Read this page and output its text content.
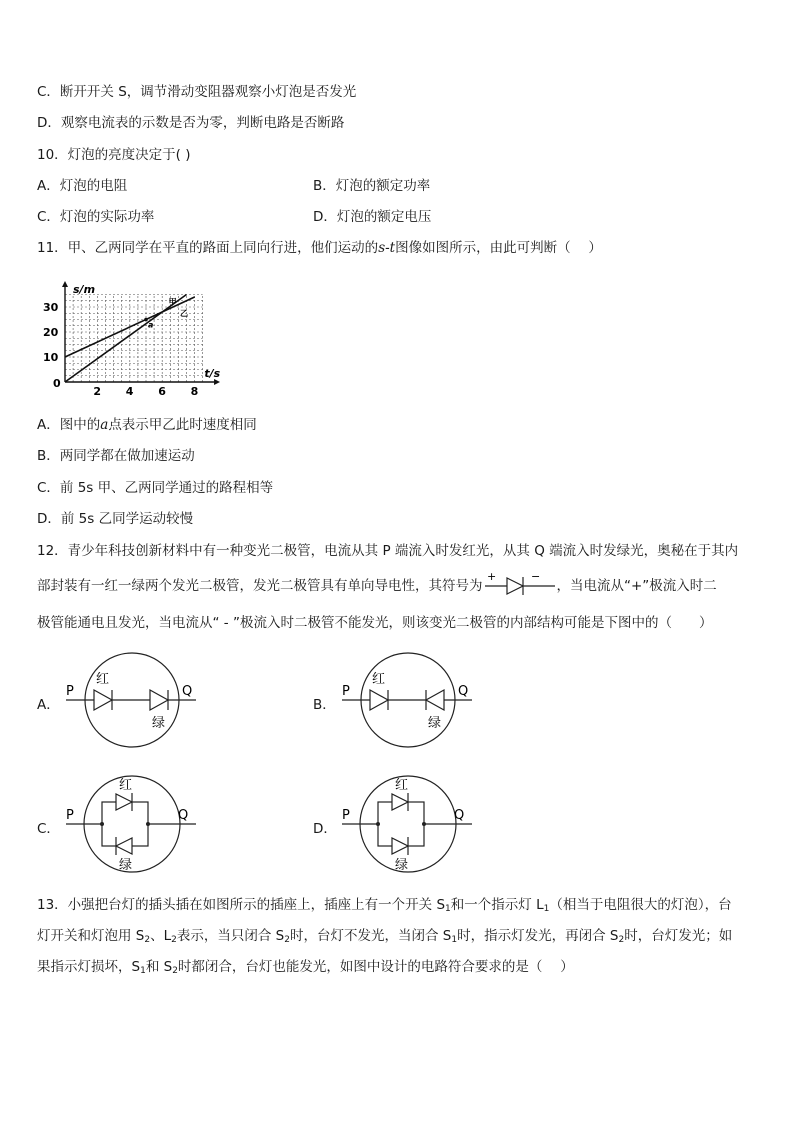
C．断开开关 S，调节滑动变阻器观察小灯泡是否发光
D．观察电流表的示数是否为零，判断电路是否断路
10．灯泡的亮度决定于( )
A．灯泡的电阻	B．灯泡的额定功率
C．灯泡的实际功率	D．灯泡的额定电压
11．甲、乙两同学在平直的路面上同向行进，他们运动的s-t图像如图所示，由此可判断（　 ）
2 4 6 8
10
20
30
0
s/m
t/s
甲
乙
a
A．图中的a点表示甲乙此时速度相同
B．两同学都在做加速运动
C．前 5s 甲、乙两同学通过的路程相等
D．前 5s 乙同学运动较慢
12．青少年科技创新材料中有一种变光二极管，电流从其 P 端流入时发红光，从其 Q 端流入时发绿光，奥秘在于其内
部封装有一红一绿两个发光二极管，发光二极管具有单向导电性，其符号为
+	−
，当电流从“+”极流入时二
极管能通电且发光，当电流从“ - ”极流入时二极管不能发光，则该变光二极管的内部结构可能是下图中的（　　）
A．
P	Q
红
绿
B．
P	Q
红
绿
C．
P	Q
红
绿
D．
P	Q
红
绿
13．小强把台灯的插头插在如图所示的插座上，插座上有一个开关 $S_1$和一个指示灯 $L_1$（相当于电阻很大的灯泡），台
灯开关和灯泡用 $S_2$、$L_2$表示，当只闭合 $S_2$时，台灯不发光，当闭合 $S_1$时，指示灯发光，再闭合 $S_2$时，台灯发光；如
果指示灯损坏，$S_1$和 $S_2$时都闭合，台灯也能发光，如图中设计的电路符合要求的是（　 ）
